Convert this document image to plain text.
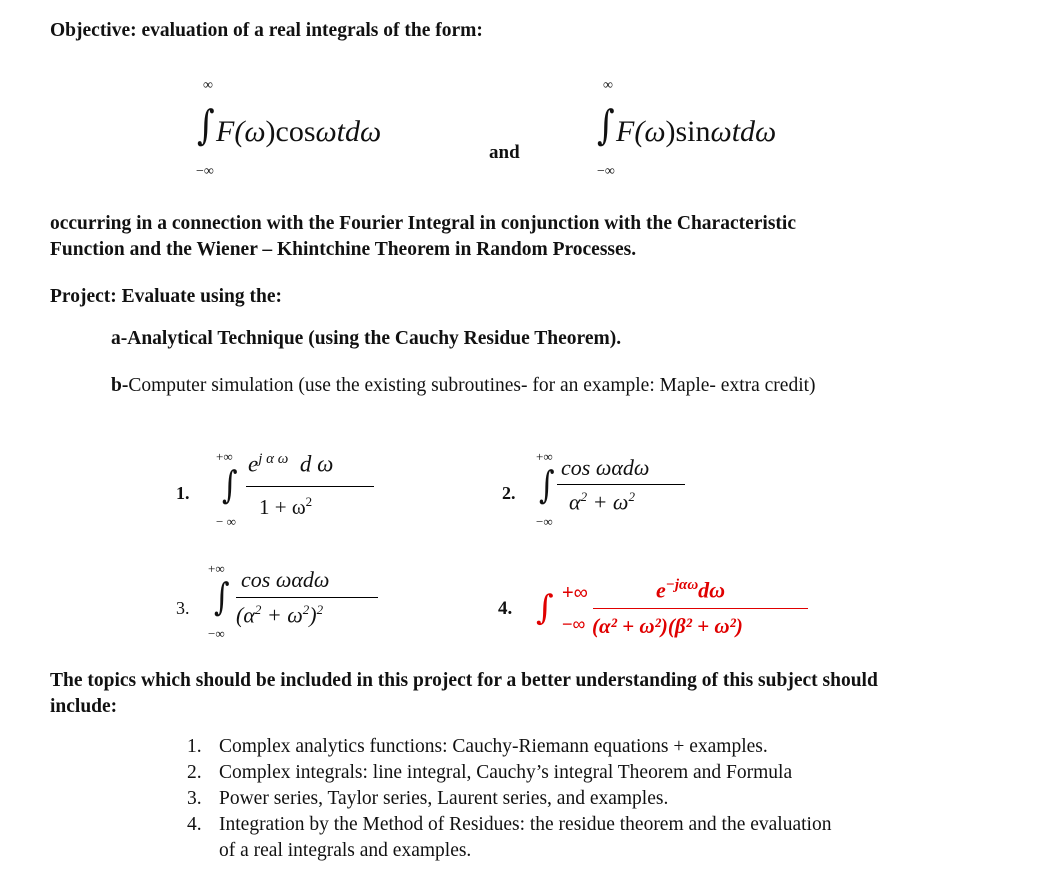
Objective: evaluation of a real integrals of the form:
∞
∫ F(ω)cosωtdω
−∞
and
∞
∫ F(ω)sinωtdω
−∞
occurring in a connection with the Fourier Integral in conjunction with the Characteristic
Function and the Wiener – Khintchine Theorem in Random Processes.
Project: Evaluate using the:
a-Analytical Technique (using the Cauchy Residue Theorem).
b-Computer simulation (use the existing subroutines- for an example: Maple- extra credit)
1.
+∞
∫
− ∞
$e^{j \alpha \omega}$ d ω
$1 + \omega^2$	2.
+∞
∫
−∞
cos ωαdω
$\alpha^2 + \omega^2$
3.
+∞
∫
−∞
cos ωαdω
$(\alpha^2 + \omega^2)^2$	4. ∫ +∞	$e^{-j\alpha\omega}d\omega$
−∞ (α² + ω²)(β² + ω²)
The topics which should be included in this project for a better understanding of this subject should
include:
1. Complex analytics functions: Cauchy-Riemann equations + examples.
2. Complex integrals: line integral, Cauchy’s integral Theorem and Formula
3. Power series, Taylor series, Laurent series, and examples.
4. Integration by the Method of Residues: the residue theorem and the evaluation
of a real integrals and examples.
